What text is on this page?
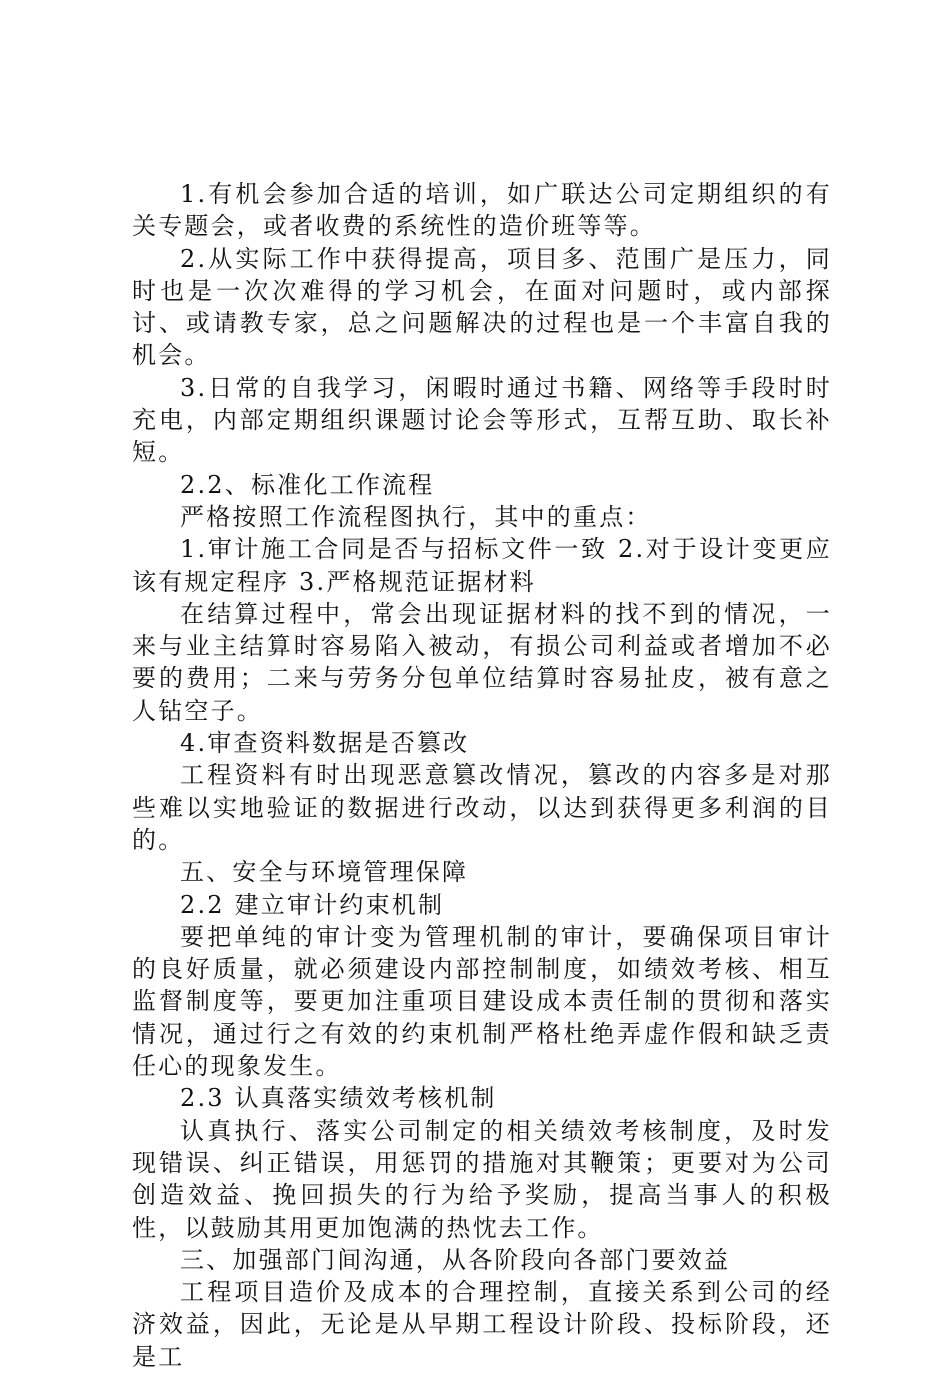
1.有机会参加合适的培训，如广联达公司定期组织的有关专题会，或者收费的系统性的造价班等等。

2.从实际工作中获得提高，项目多、范围广是压力，同时也是一次次难得的学习机会，在面对问题时，或内部探讨、或请教专家，总之问题解决的过程也是一个丰富自我的机会。

3.日常的自我学习，闲暇时通过书籍、网络等手段时时充电，内部定期组织课题讨论会等形式，互帮互助、取长补短。

2.2、标准化工作流程

严格按照工作流程图执行，其中的重点：

1.审计施工合同是否与招标文件一致 2.对于设计变更应该有规定程序 3.严格规范证据材料

在结算过程中，常会出现证据材料的找不到的情况，一来与业主结算时容易陷入被动，有损公司利益或者增加不必要的费用；二来与劳务分包单位结算时容易扯皮，被有意之人钻空子。

4.审查资料数据是否篡改

工程资料有时出现恶意篡改情况，篡改的内容多是对那些难以实地验证的数据进行改动，以达到获得更多利润的目的。

五、安全与环境管理保障

2.2 建立审计约束机制

要把单纯的审计变为管理机制的审计，要确保项目审计的良好质量，就必须建设内部控制制度，如绩效考核、相互监督制度等，要更加注重项目建设成本责任制的贯彻和落实情况，通过行之有效的约束机制严格杜绝弄虚作假和缺乏责任心的现象发生。

2.3 认真落实绩效考核机制

认真执行、落实公司制定的相关绩效考核制度，及时发现错误、纠正错误，用惩罚的措施对其鞭策；更要对为公司创造效益、挽回损失的行为给予奖励，提高当事人的积极性，以鼓励其用更加饱满的热忱去工作。

三、加强部门间沟通，从各阶段向各部门要效益

工程项目造价及成本的合理控制，直接关系到公司的经济效益，因此，无论是从早期工程设计阶段、投标阶段，还是工
